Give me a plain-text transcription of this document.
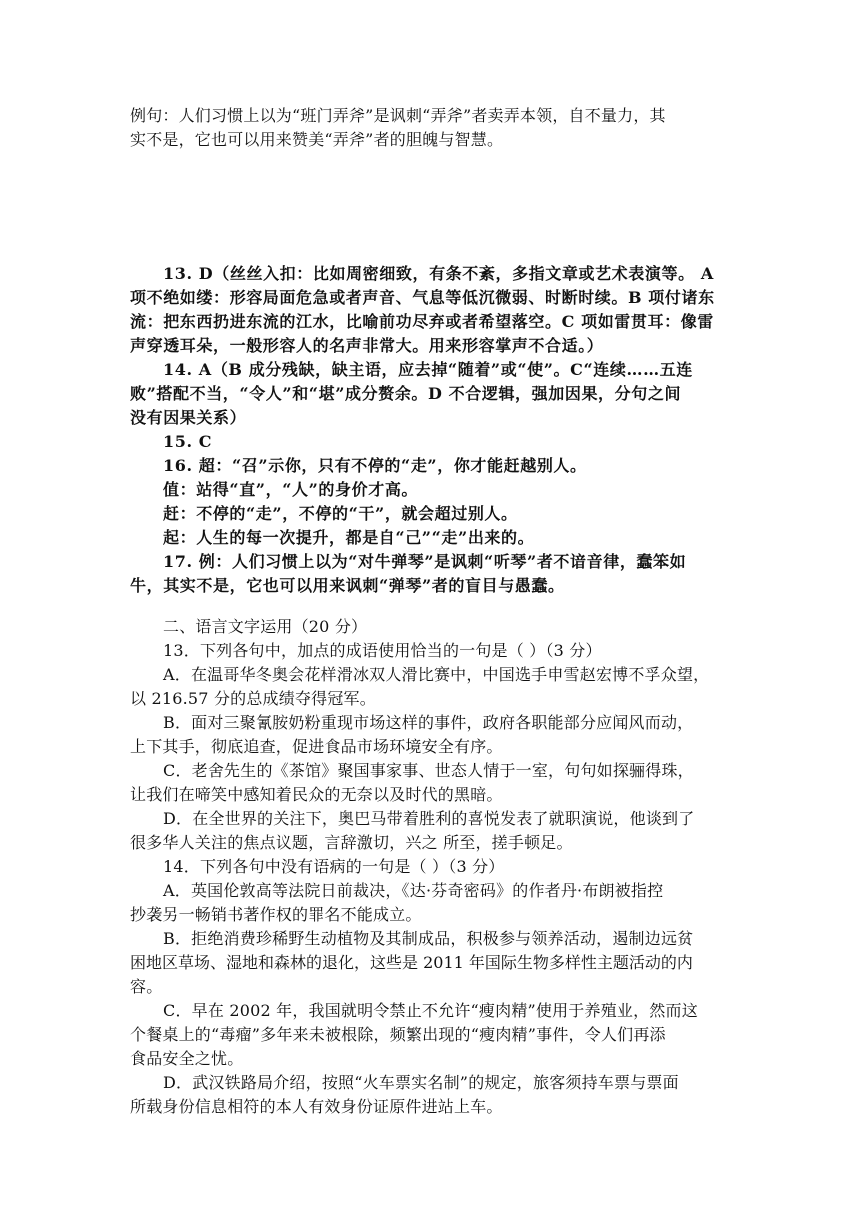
例句：人们习惯上以为“班门弄斧”是讽刺“弄斧”者卖弄本领，自不量力，其
实不是，它也可以用来赞美“弄斧”者的胆魄与智慧。
13. D（丝丝入扣：比如周密细致，有条不紊，多指文章或艺术表演等。 A
项不绝如缕：形容局面危急或者声音、气息等低沉微弱、时断时续。B 项付诸东
流：把东西扔进东流的江水，比喻前功尽弃或者希望落空。C 项如雷贯耳：像雷
声穿透耳朵，一般形容人的名声非常大。用来形容掌声不合适。）
14. A（B 成分残缺，缺主语，应去掉“随着”或“使”。C“连续……五连
败”搭配不当，“令人”和“堪”成分赘余。D 不合逻辑，强加因果，分句之间
没有因果关系）
15. C
16. 超：“召”示你，只有不停的“走”，你才能赶越别人。
值：站得“直”，“人”的身价才高。
赶：不停的“走”，不停的“干”，就会超过别人。
起：人生的每一次提升，都是自“己”“走”出来的。
17. 例：人们习惯上以为“对牛弹琴”是讽刺“听琴”者不谙音律，蠢笨如
牛，其实不是，它也可以用来讽刺“弹琴”者的盲目与愚蠢。
二、语言文字运用（20 分）
13．下列各句中，加点的成语使用恰当的一句是（ ）（3 分）
A．在温哥华冬奥会花样滑冰双人滑比赛中，中国选手申雪赵宏博不孚众望，
以 216.57 分的总成绩夺得冠军。
B．面对三聚氰胺奶粉重现市场这样的事件，政府各职能部分应闻风而动，
上下其手，彻底追查，促进食品市场环境安全有序。
C．老舍先生的《茶馆》聚国事家事、世态人情于一室，句句如探骊得珠，
让我们在啼笑中感知着民众的无奈以及时代的黑暗。
D．在全世界的关注下，奥巴马带着胜利的喜悦发表了就职演说，他谈到了
很多华人关注的焦点议题，言辞激切，兴之 所至，搓手顿足。
14．下列各句中没有语病的一句是（ ）（3 分）
A．英国伦敦高等法院日前裁决，《达·芬奇密码》的作者丹·布朗被指控
抄袭另一畅销书著作权的罪名不能成立。
B．拒绝消费珍稀野生动植物及其制成品，积极参与领养活动，遏制边远贫
困地区草场、湿地和森林的退化，这些是 2011 年国际生物多样性主题活动的内
容。
C．早在 2002 年，我国就明令禁止不允许“瘦肉精”使用于养殖业，然而这
个餐桌上的“毒瘤”多年来未被根除，频繁出现的“瘦肉精”事件，令人们再添
食品安全之忧。
D．武汉铁路局介绍，按照“火车票实名制”的规定，旅客须持车票与票面
所载身份信息相符的本人有效身份证原件进站上车。
